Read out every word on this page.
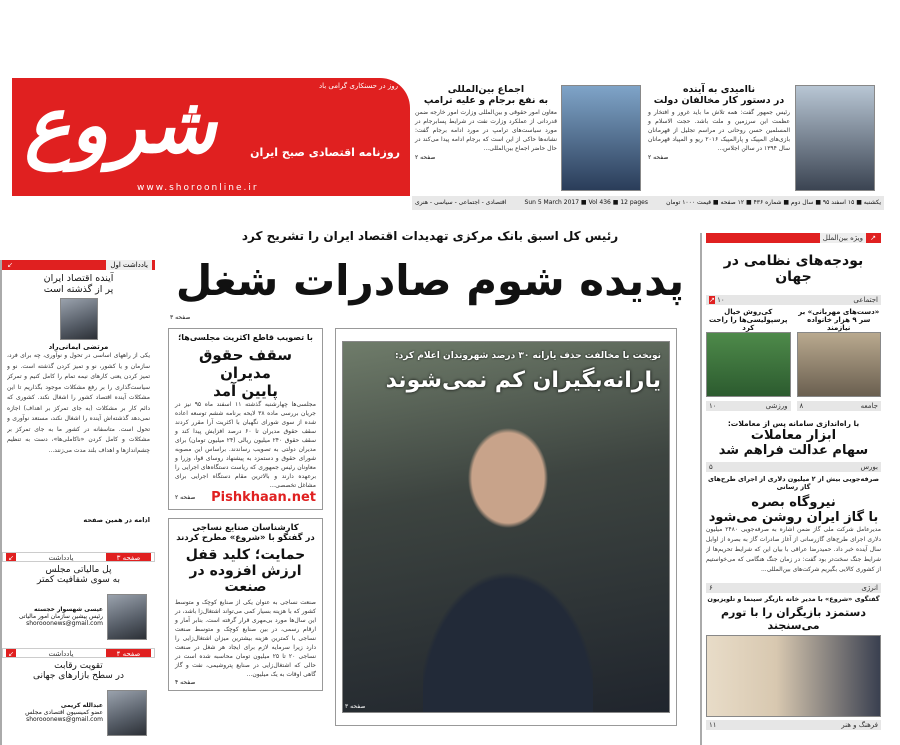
روز در حسنکاری گرامی باد
شروع روزنامه اقتصادی صبح ایران
www.shoroonline.ir
یکشنبه ■ ۱۵ اسفند ۹۵ ■ سال دوم ■ شماره ۴۳۶ ■ ۱۲ صفحه ■ قیمت ۱۰۰۰ تومان
Sun 5 March 2017 ■ Vol 436 ■ 12 pages
اقتصادی - اجتماعی - سیاسی - هنری
اجماع بین‌المللی
به نفع برجام و علیه ترامپ

معاون امور حقوقی و بین‌المللی وزارت امور خارجه ضمن قدردانی از عملکرد وزارت نفت در شرایط پسابرجام در مورد سیاست‌های ترامپ در مورد ادامه برجام گفت: نشانه‌ها حاکی از این است که برجام ادامه پیدا می‌کند در حال حاضر اجماع بین‌المللی...

صفحه ۲
ناامیدی به آینده
در دستور کار مخالفان دولت

رئیس جمهور گفت: همه تلاش ما باید غرور و افتخار و عظمت این سرزمین و ملت باشد. حجت الاسلام و المسلمین حسن روحانی در مراسم تجلیل از قهرمانان بازی‌های المپیک و پارالمپیک ۲۰۱۶ ریو و المپیاد قهرمانان سال ۱۳۹۴ در سالن اجلاس...

صفحه ۲
رئیس کل اسبق بانک مرکزی تهدیدات اقتصاد ایران را تشریح کرد
پدیده شوم صادرات شغل
صفحه ۳
نوبخت با مخالفت حذف یارانه ۳۰ درصد شهروندان اعلام کرد:
یارانه‌بگیران کم نمی‌شوند
صفحه ۳
با تصویب قاطع اکثریت مجلسی‌ها؛
سقف حقوق مدیران
پایین آمد

مجلسی‌ها چهارشنبه گذشته ۱۱ اسفند ماه ۹۵ نیز در جریان بررسی ماده ۳۸ لایحه برنامه ششم توسعه اعاده شده از سوی شورای نگهبان با اکثریت آرا مقرر کردند سقف حقوق مدیران تا ۶۰ درصد افزایش پیدا کند و سقف حقوق ۲۴۰ میلیون ریالی (۲۴ میلیون تومان) برای مدیران دولتی به تصویب رساندند. براساس این مصوبه شورای حقوق و دستمزد به پیشنهاد روسای قوا، وزرا و معاونان رئیس جمهوری که ریاست دستگاه‌های اجرایی را برعهده دارند و بالاترین مقام دستگاه اجرایی برای مشاغل تخصصی...

Pishkhaan.net
صفحه ۲
کارشناسان صنایع نساجی
در گفتگو با «شروع» مطرح کردند
حمایت؛ کلید قفل
ارزش افزوده در صنعت

صنعت نساجی به عنوان یکی از صنایع کوچک و متوسط کشور که با هزینه بسیار کمی می‌تواند اشتغال‌زا باشد، در این سال‌ها مورد بی‌مهری قرار گرفته است. بنابر آمار و ارقام رسمی، در بین صنایع کوچک و متوسط صنعت نساجی با کمترین هزینه بیشترین میزان اشتغال‌زایی را دارد زیرا سرمایه لازم برای ایجاد هر شغل در صنعت نساجی ۲۰ تا ۲۵ میلیون تومان محاسبه شده است در حالی که اشتغال‌زایی در صنایع پتروشیمی، نفت و گاز گاهی اوقات به یک میلیون...

صفحه ۴
یادداشت اول
↙
آینده اقتصاد ایران
پر از گذشته است
مرتضی ایمانی‌راد

یکی از راههای اساسی در تحول و نوآوری، چه برای فرد، سازمان و یا کشور، نو و تمیز کردن گذشته است. نو و تمیز کردن یعنی کارهای نیمه تمام را کامل کنیم و تمرکز سیاست‌گذاری را بر رفع مشکلات موجود بگذاریم تا این مشکلات آینده اقتصاد کشور را اشغال نکند. کشوری که دائم کار بر مشکلات (به جای تمرکز بر اهداف) اجازه نمی‌دهد گذشته‌اش آینده را اشغال نکند، مستعد نوآوری و تحول است. متاسفانه در کشور ما به جای تمرکز بر مشکلات و کامل کردن «ناکاملی‌ها»، دست به تنظیم چشم‌اندازها و اهداف بلند مدت می‌زنند...

ادامه در همین صفحه
صفحه ۳
یادداشت
↙
پل مالیاتی مجلس
به سوی شفافیت کمتر
عیسی شهسوار خجسته
رئیس پیشین سازمان امور مالیاتی
shorooonews@gmail.com
صفحه ۴
یادداشت
↙
تقویت رقابت
در سطح بازارهای جهانی
عبدالله کریمی
عضو کمیسیون اقتصادی مجلس
shorooonews@gmail.com
↗
ویژه بین‌الملل
بودجه‌های نظامی در جهان
اجتماعی
۱۰ ↗
«دست‌های مهربانی» بر سر ۹ هزار خانواده نیازمند
کی‌روش خیال پرسپولیسی‌ها را راحت کرد
جامعه
۸
ورزشی
۱۰
با راه‌اندازی سامانه پس از معاملات:
ابزار معاملات
سهام عدالت فراهم شد
بورس
۵
صرفه‌جویی بیش از ۲ میلیون دلاری از اجرای طرح‌های گاز رسانی
نیروگاه بصره
با گاز ایران روشن می‌شود

مدیرعامل شرکت ملی گاز ضمن اشاره به صرفه‌جویی ۲۴۸۰ میلیون دلاری اجرای طرح‌های گازرسانی از آغاز صادرات گاز به بصره از اوایل سال آینده خبر داد. حمیدرضا عراقی با بیان این که شرایط تحریم‌ها از شرایط جنگ سخت‌تر بود گفت: در زمان جنگ هنگامی که می‌خواستیم از کشوری کالایی بگیریم شرکت‌های بین‌المللی...

انرژی
۶
گفتگوی «شروع» با مدیر خانه بازیگر سینما و تلویزیون
دستمزد بازیگران را با تورم می‌سنجند
فرهنگ و هنر
۱۱
